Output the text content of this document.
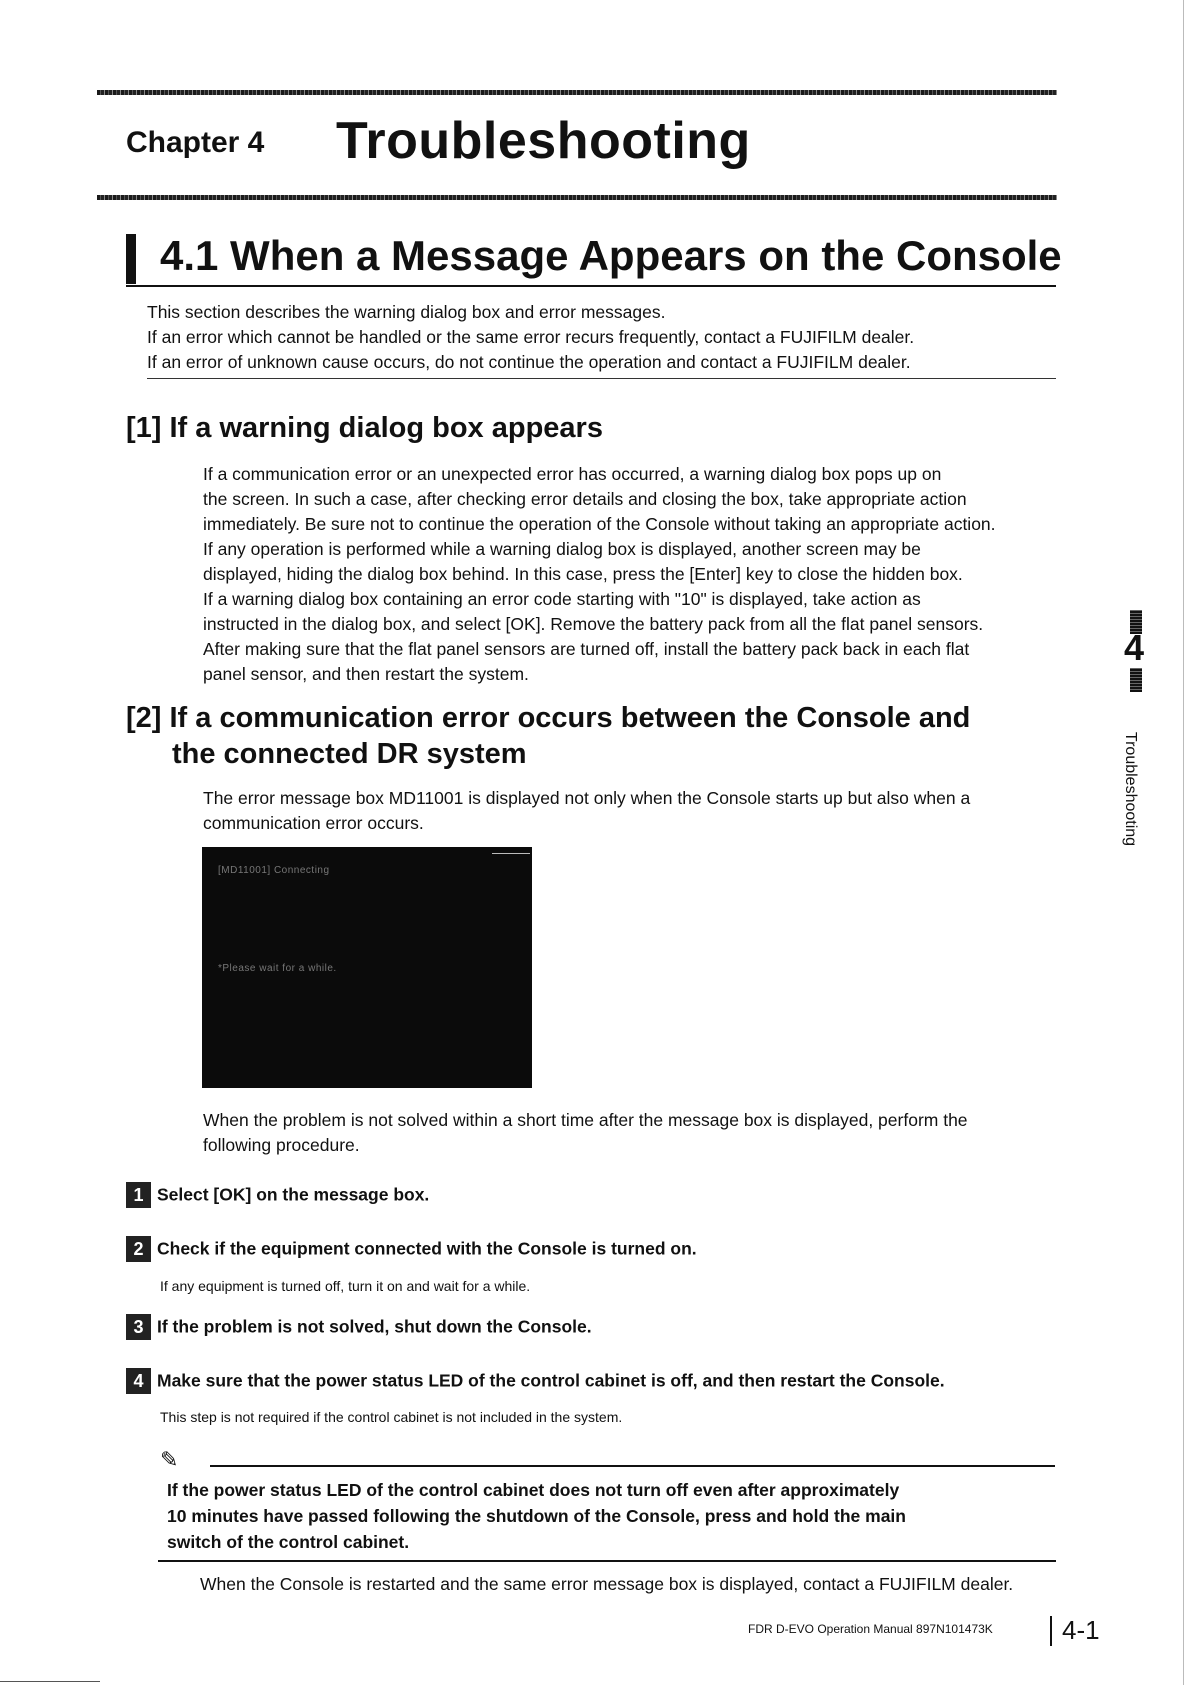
Chapter 4 Troubleshooting
4.1 When a Message Appears on the Console
This section describes the warning dialog box and error messages.
If an error which cannot be handled or the same error recurs frequently, contact a FUJIFILM dealer.
If an error of unknown cause occurs, do not continue the operation and contact a FUJIFILM dealer.
[1] If a warning dialog box appears
If a communication error or an unexpected error has occurred, a warning dialog box pops up on
the screen. In such a case, after checking error details and closing the box, take appropriate action
immediately. Be sure not to continue the operation of the Console without taking an appropriate action.
If any operation is performed while a warning dialog box is displayed, another screen may be
displayed, hiding the dialog box behind. In this case, press the [Enter] key to close the hidden box.
If a warning dialog box containing an error code starting with "10" is displayed, take action as
instructed in the dialog box, and select [OK]. Remove the battery pack from all the flat panel sensors.
After making sure that the flat panel sensors are turned off, install the battery pack back in each flat
panel sensor, and then restart the system.
[2] If a communication error occurs between the Console and
the connected DR system
The error message box MD11001 is displayed not only when the Console starts up but also when a
communication error occurs.
[MD11001] Connecting
*Please wait for a while.
When the problem is not solved within a short time after the message box is displayed, perform the
following procedure.
1 Select [OK] on the message box.
2 Check if the equipment connected with the Console is turned on.
If any equipment is turned off, turn it on and wait for a while.
3 If the problem is not solved, shut down the Console.
4 Make sure that the power status LED of the control cabinet is off, and then restart the Console.
This step is not required if the control cabinet is not included in the system.
✎
If the power status LED of the control cabinet does not turn off even after approximately
10 minutes have passed following the shutdown of the Console, press and hold the main
switch of the control cabinet.
When the Console is restarted and the same error message box is displayed, contact a FUJIFILM dealer.
FDR D-EVO Operation Manual 897N101473K	4-1
4
Troubleshooting
